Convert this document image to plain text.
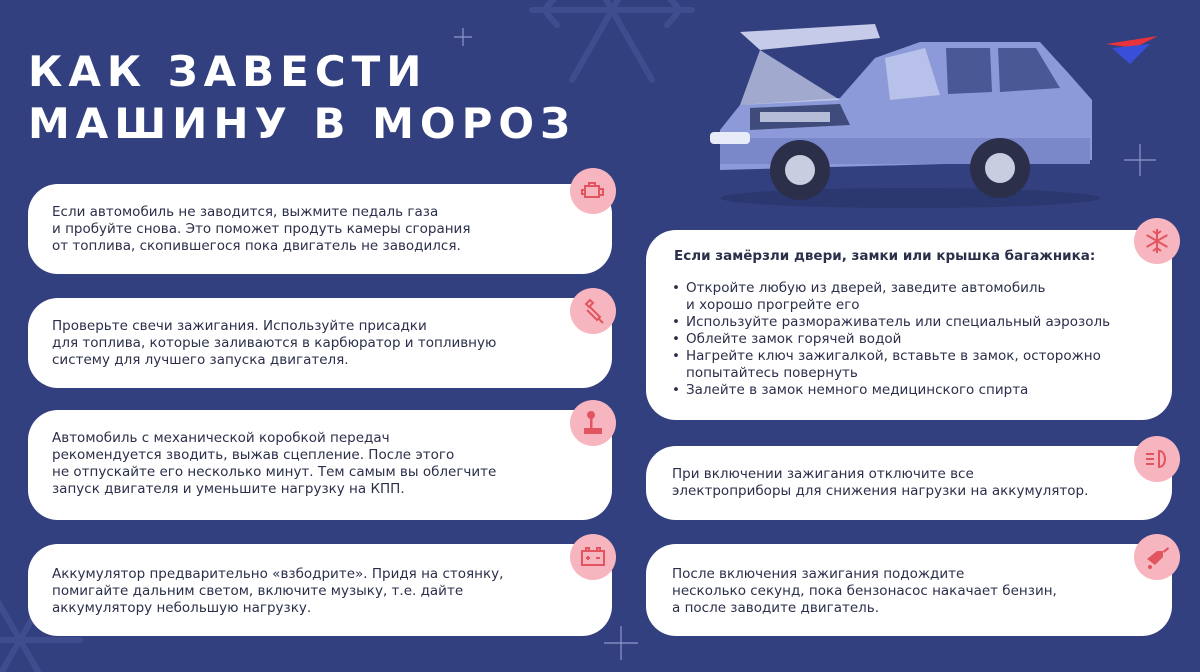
КАК ЗАВЕСТИ
МАШИНУ В МОРОЗ
Если автомобиль не заводится, выжмите педаль газа
и пробуйте снова. Это поможет продуть камеры сгорания
от топлива, скопившегося пока двигатель не заводился.
Проверьте свечи зажигания. Используйте присадки
для топлива, которые заливаются в карбюратор и топливную
систему для лучшего запуска двигателя.
Автомобиль с механической коробкой передач
рекомендуется зводить, выжав сцепление. После этого
не отпускайте его несколько минут. Тем самым вы облегчите
запуск двигателя и уменьшите нагрузку на КПП.
Аккумулятор предварительно «взбодрите». Придя на стоянку,
помигайте дальним светом, включите музыку, т.е. дайте
аккумулятору небольшую нагрузку.
Если замёрзли двери, замки или крышка багажника:
• Откройте любую из дверей, заведите автомобиль
и хорошо прогрейте его
• Используйте размораживатель или специальный аэрозоль
• Облейте замок горячей водой
• Нагрейте ключ зажигалкой, вставьте в замок, осторожно
попытайтесь повернуть
• Залейте в замок немного медицинского спирта
При включении зажигания отключите все
электроприборы для снижения нагрузки на аккумулятор.
После включения зажигания подождите
несколько секунд, пока бензонасос накачает бензин,
а после заводите двигатель.
